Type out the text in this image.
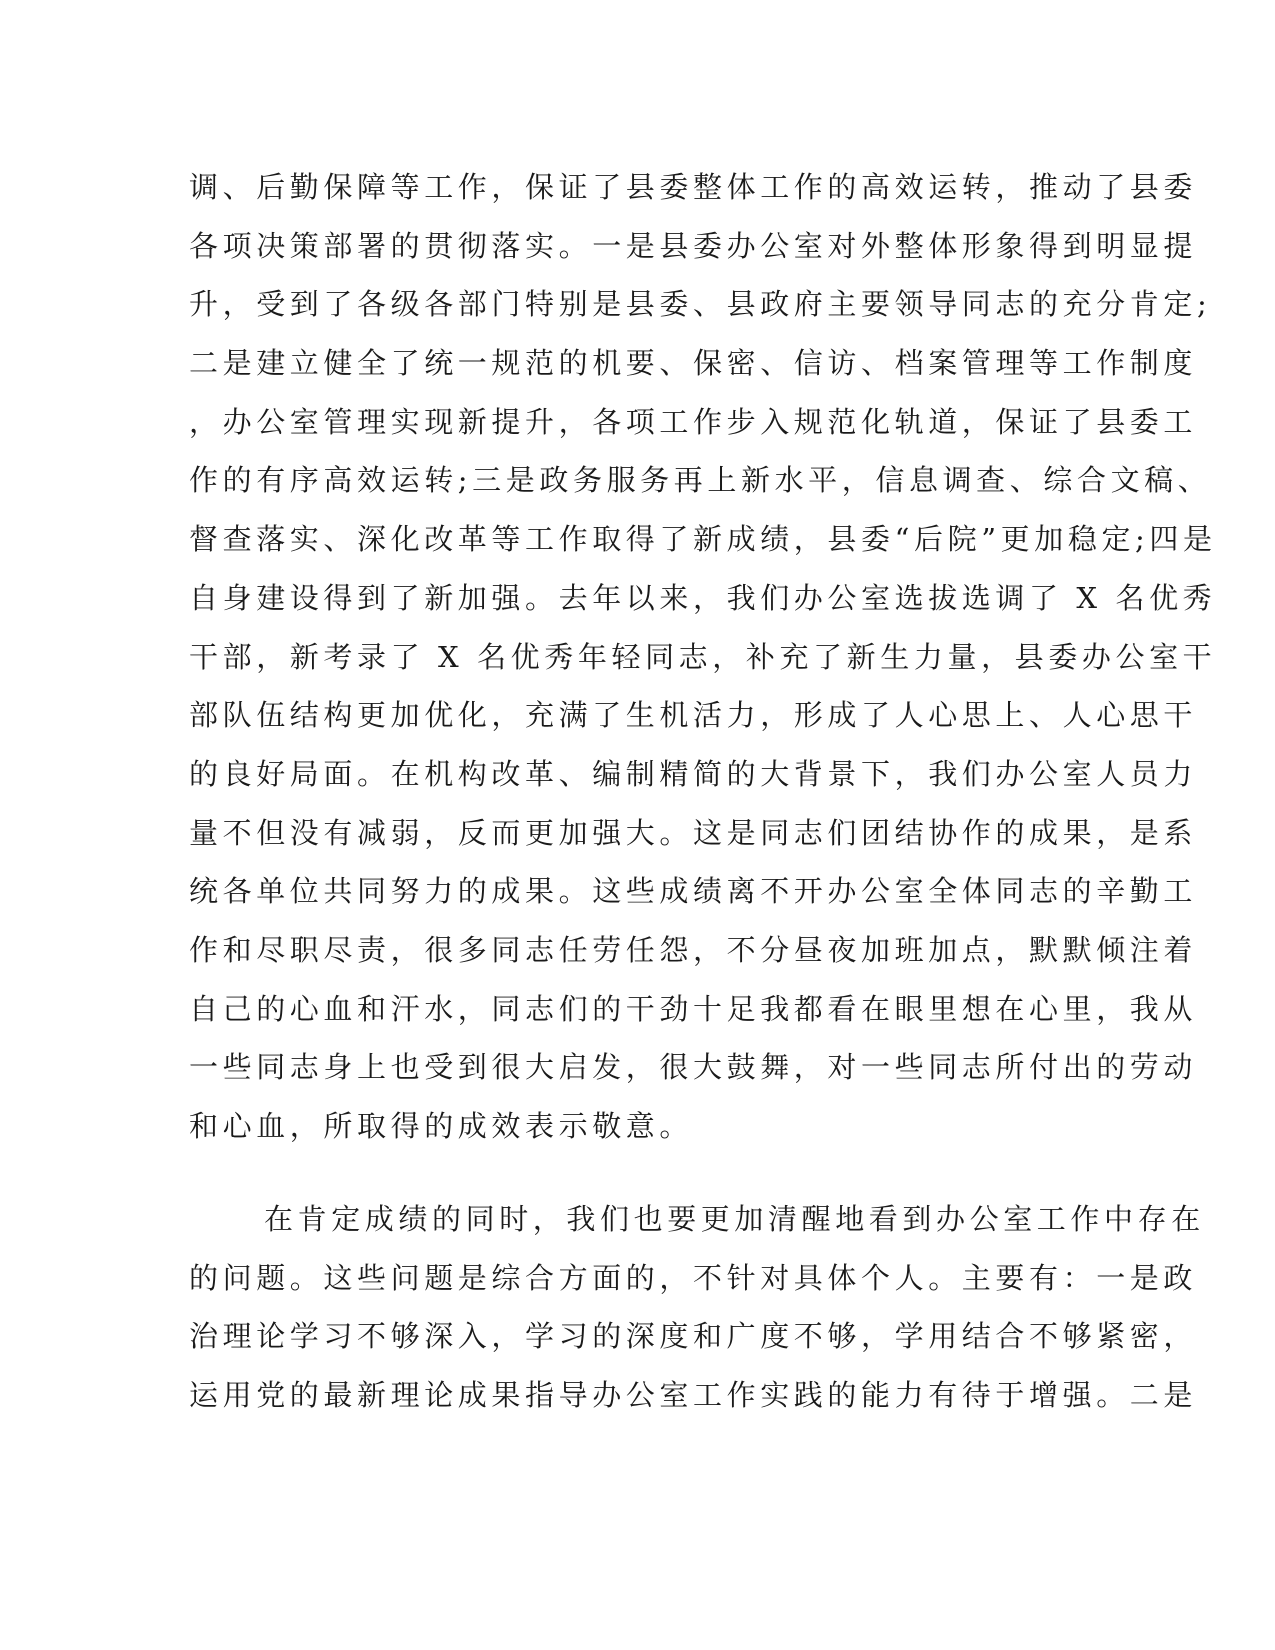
调、后勤保障等工作，保证了县委整体工作的高效运转，推动了县委
各项决策部署的贯彻落实。一是县委办公室对外整体形象得到明显提
升，受到了各级各部门特别是县委、县政府主要领导同志的充分肯定;
二是建立健全了统一规范的机要、保密、信访、档案管理等工作制度
，办公室管理实现新提升，各项工作步入规范化轨道，保证了县委工
作的有序高效运转;三是政务服务再上新水平，信息调查、综合文稿、
督查落实、深化改革等工作取得了新成绩，县委“后院”更加稳定;四是
自身建设得到了新加强。去年以来，我们办公室选拔选调了 X 名优秀
干部，新考录了 X 名优秀年轻同志，补充了新生力量，县委办公室干
部队伍结构更加优化，充满了生机活力，形成了人心思上、人心思干
的良好局面。在机构改革、编制精简的大背景下，我们办公室人员力
量不但没有减弱，反而更加强大。这是同志们团结协作的成果，是系
统各单位共同努力的成果。这些成绩离不开办公室全体同志的辛勤工
作和尽职尽责，很多同志任劳任怨，不分昼夜加班加点，默默倾注着
自己的心血和汗水，同志们的干劲十足我都看在眼里想在心里，我从
一些同志身上也受到很大启发，很大鼓舞，对一些同志所付出的劳动
和心血，所取得的成效表示敬意。
在肯定成绩的同时，我们也要更加清醒地看到办公室工作中存在
的问题。这些问题是综合方面的，不针对具体个人。主要有：一是政
治理论学习不够深入，学习的深度和广度不够，学用结合不够紧密，
运用党的最新理论成果指导办公室工作实践的能力有待于增强。二是
